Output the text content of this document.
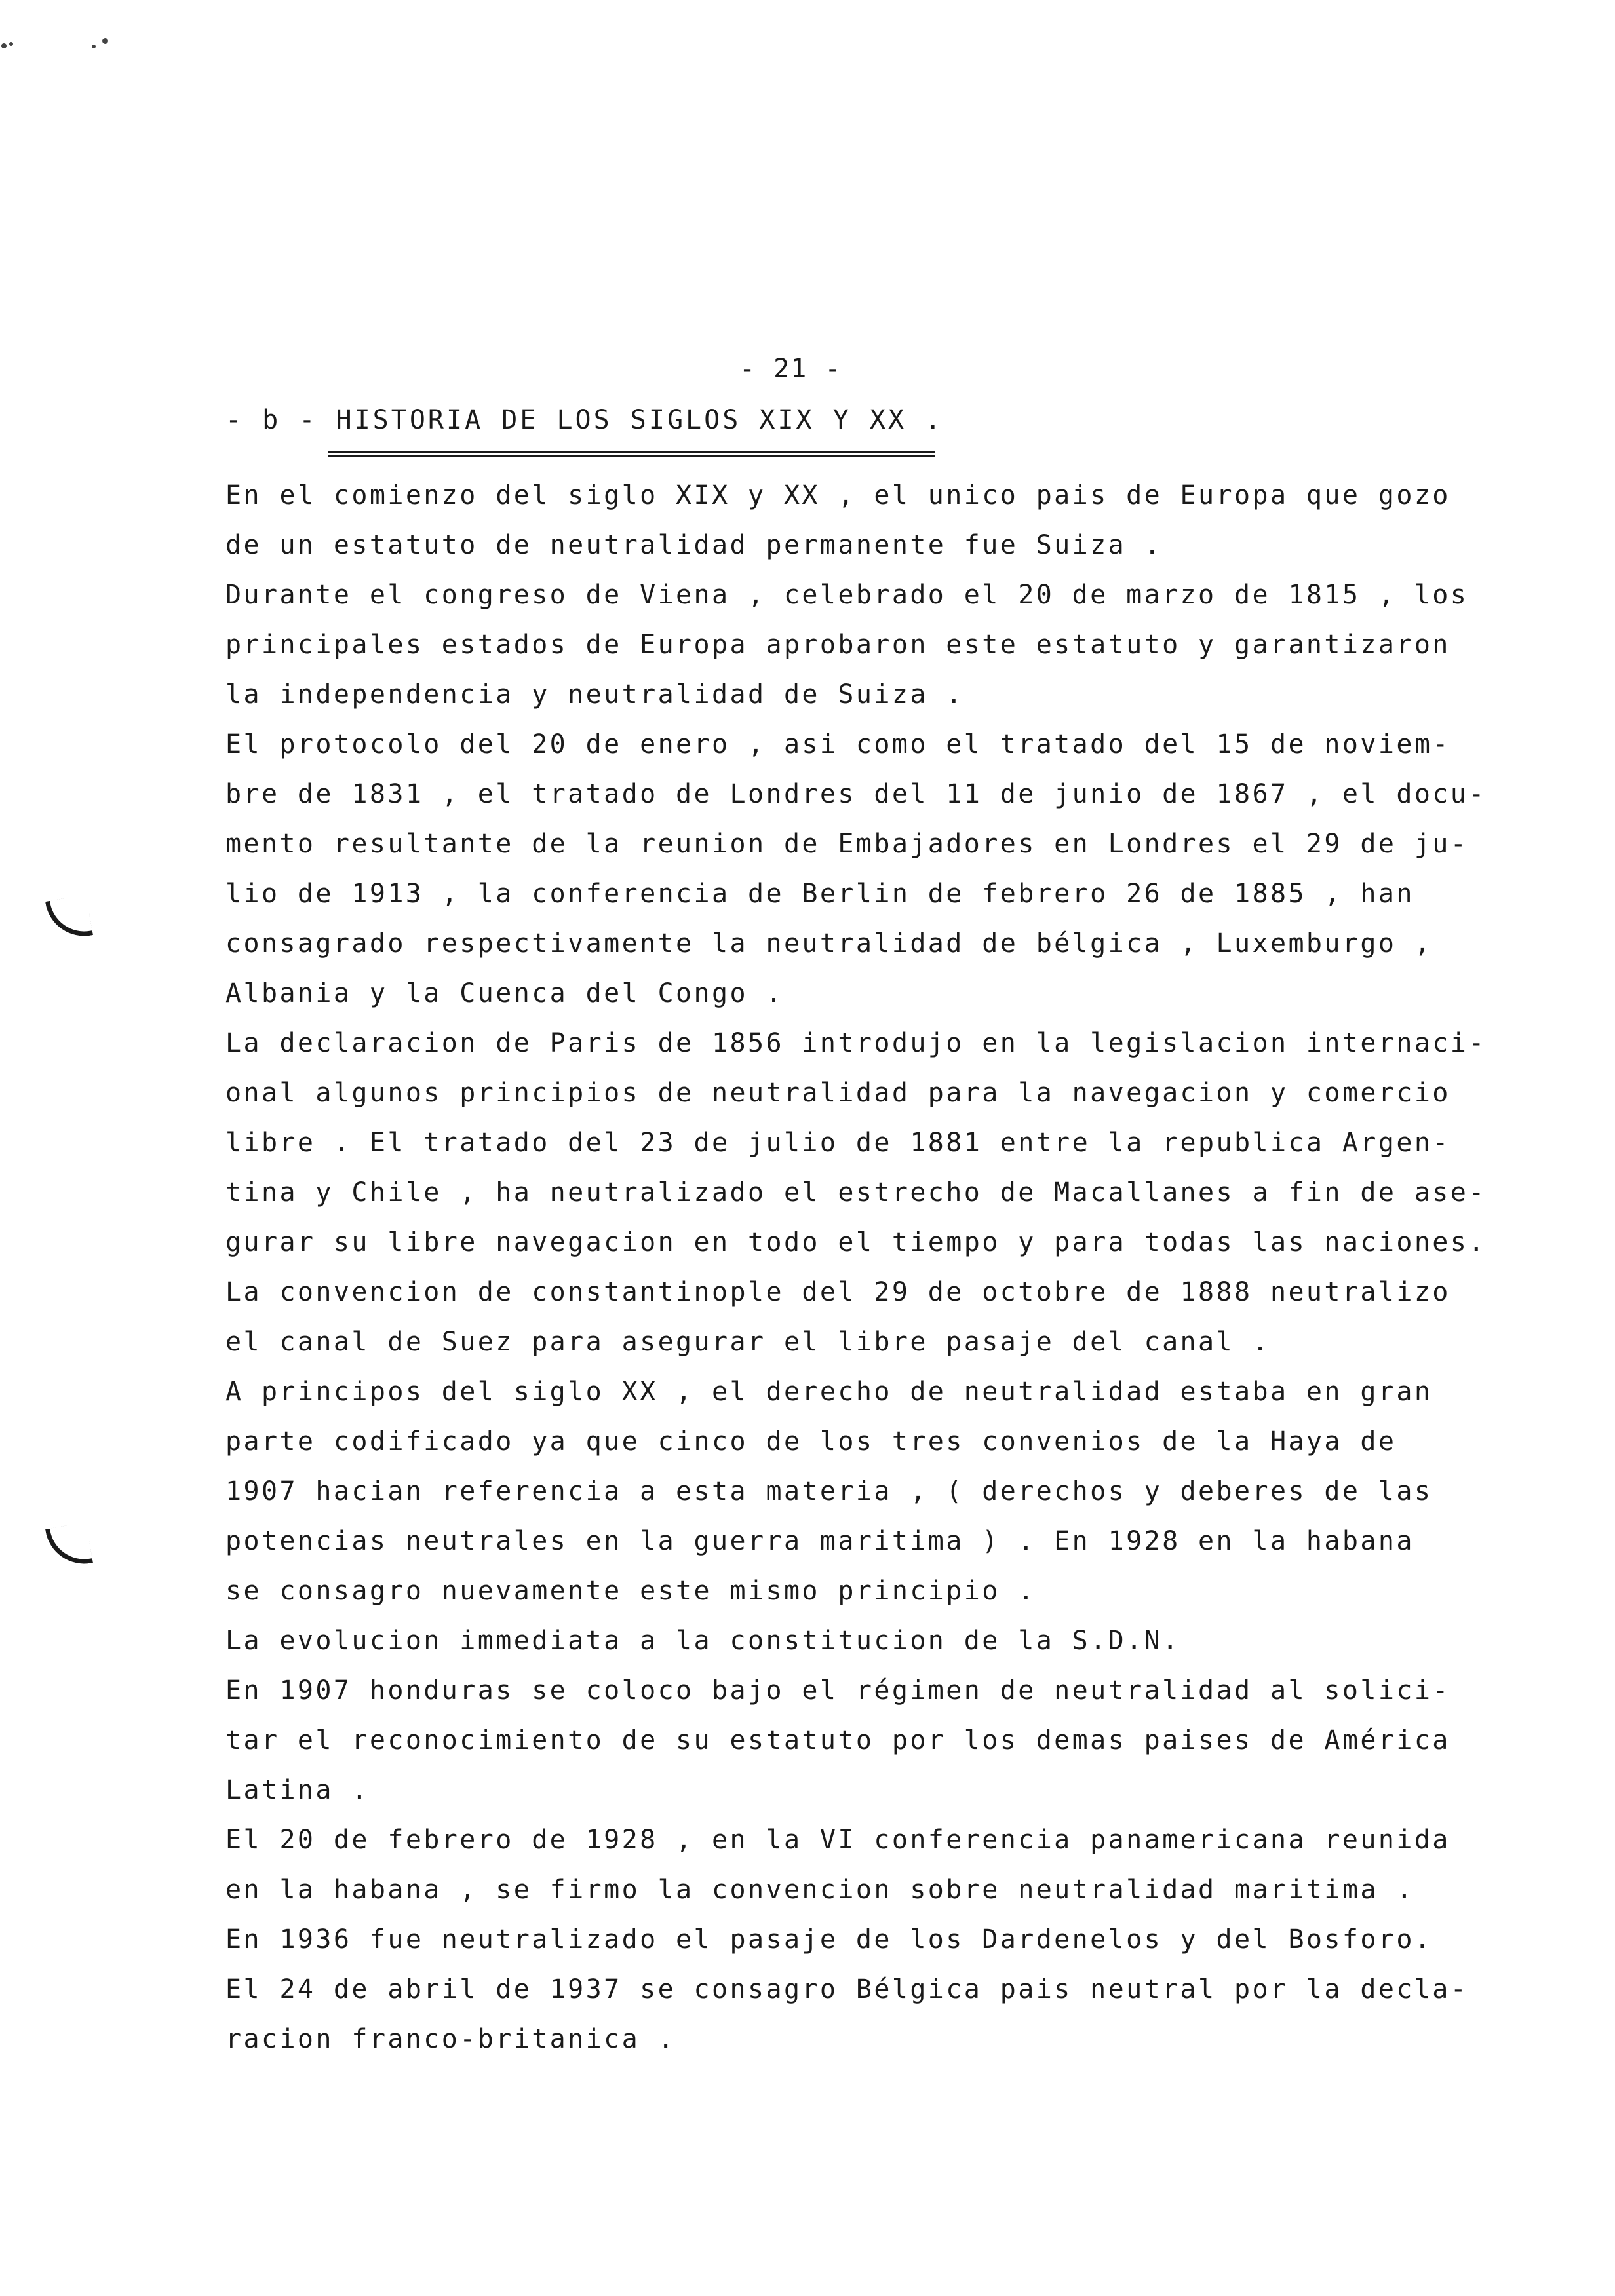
- 21 -
- b - HISTORIA DE LOS SIGLOS XIX Y XX .
En el comienzo del siglo XIX y XX , el unico pais de Europa que gozo
de un estatuto de neutralidad permanente fue Suiza .
Durante el congreso de Viena , celebrado el 20 de marzo de 1815 , los
principales estados de Europa aprobaron este estatuto y garantizaron
la independencia y neutralidad de Suiza .
El protocolo del 20 de enero , asi como el tratado del 15 de noviem-
bre de 1831 , el tratado de Londres del 11 de junio de 1867 , el docu-
mento resultante de la reunion de Embajadores en Londres el 29 de ju-
lio de 1913 , la conferencia de Berlin de febrero 26 de 1885 , han
consagrado respectivamente la neutralidad de bélgica , Luxemburgo ,
Albania y la Cuenca del Congo .
La declaracion de Paris de 1856 introdujo en la legislacion internaci-
onal algunos principios de neutralidad para la navegacion y comercio
libre . El tratado del 23 de julio de 1881 entre la republica Argen-
tina y Chile , ha neutralizado el estrecho de Macallanes a fin de ase-
gurar su libre navegacion en todo el tiempo y para todas las naciones.
La convencion de constantinople del 29 de octobre de 1888 neutralizo
el canal de Suez para asegurar el libre pasaje del canal .
A principos del siglo XX , el derecho de neutralidad estaba en gran
parte codificado ya que cinco de los tres convenios de la Haya de
1907 hacian referencia a esta materia , ( derechos y deberes de las
potencias neutrales en la guerra maritima ) . En 1928 en la habana
se consagro nuevamente este mismo principio .
La evolucion immediata a la constitucion de la S.D.N.
En 1907 honduras se coloco bajo el régimen de neutralidad al solici-
tar el reconocimiento de su estatuto por los demas paises de América
Latina .
El 20 de febrero de 1928 , en la VI conferencia panamericana reunida
en la habana , se firmo la convencion sobre neutralidad maritima .
En 1936 fue neutralizado el pasaje de los Dardenelos y del Bosforo.
El 24 de abril de 1937 se consagro Bélgica pais neutral por la decla-
racion franco-britanica .
